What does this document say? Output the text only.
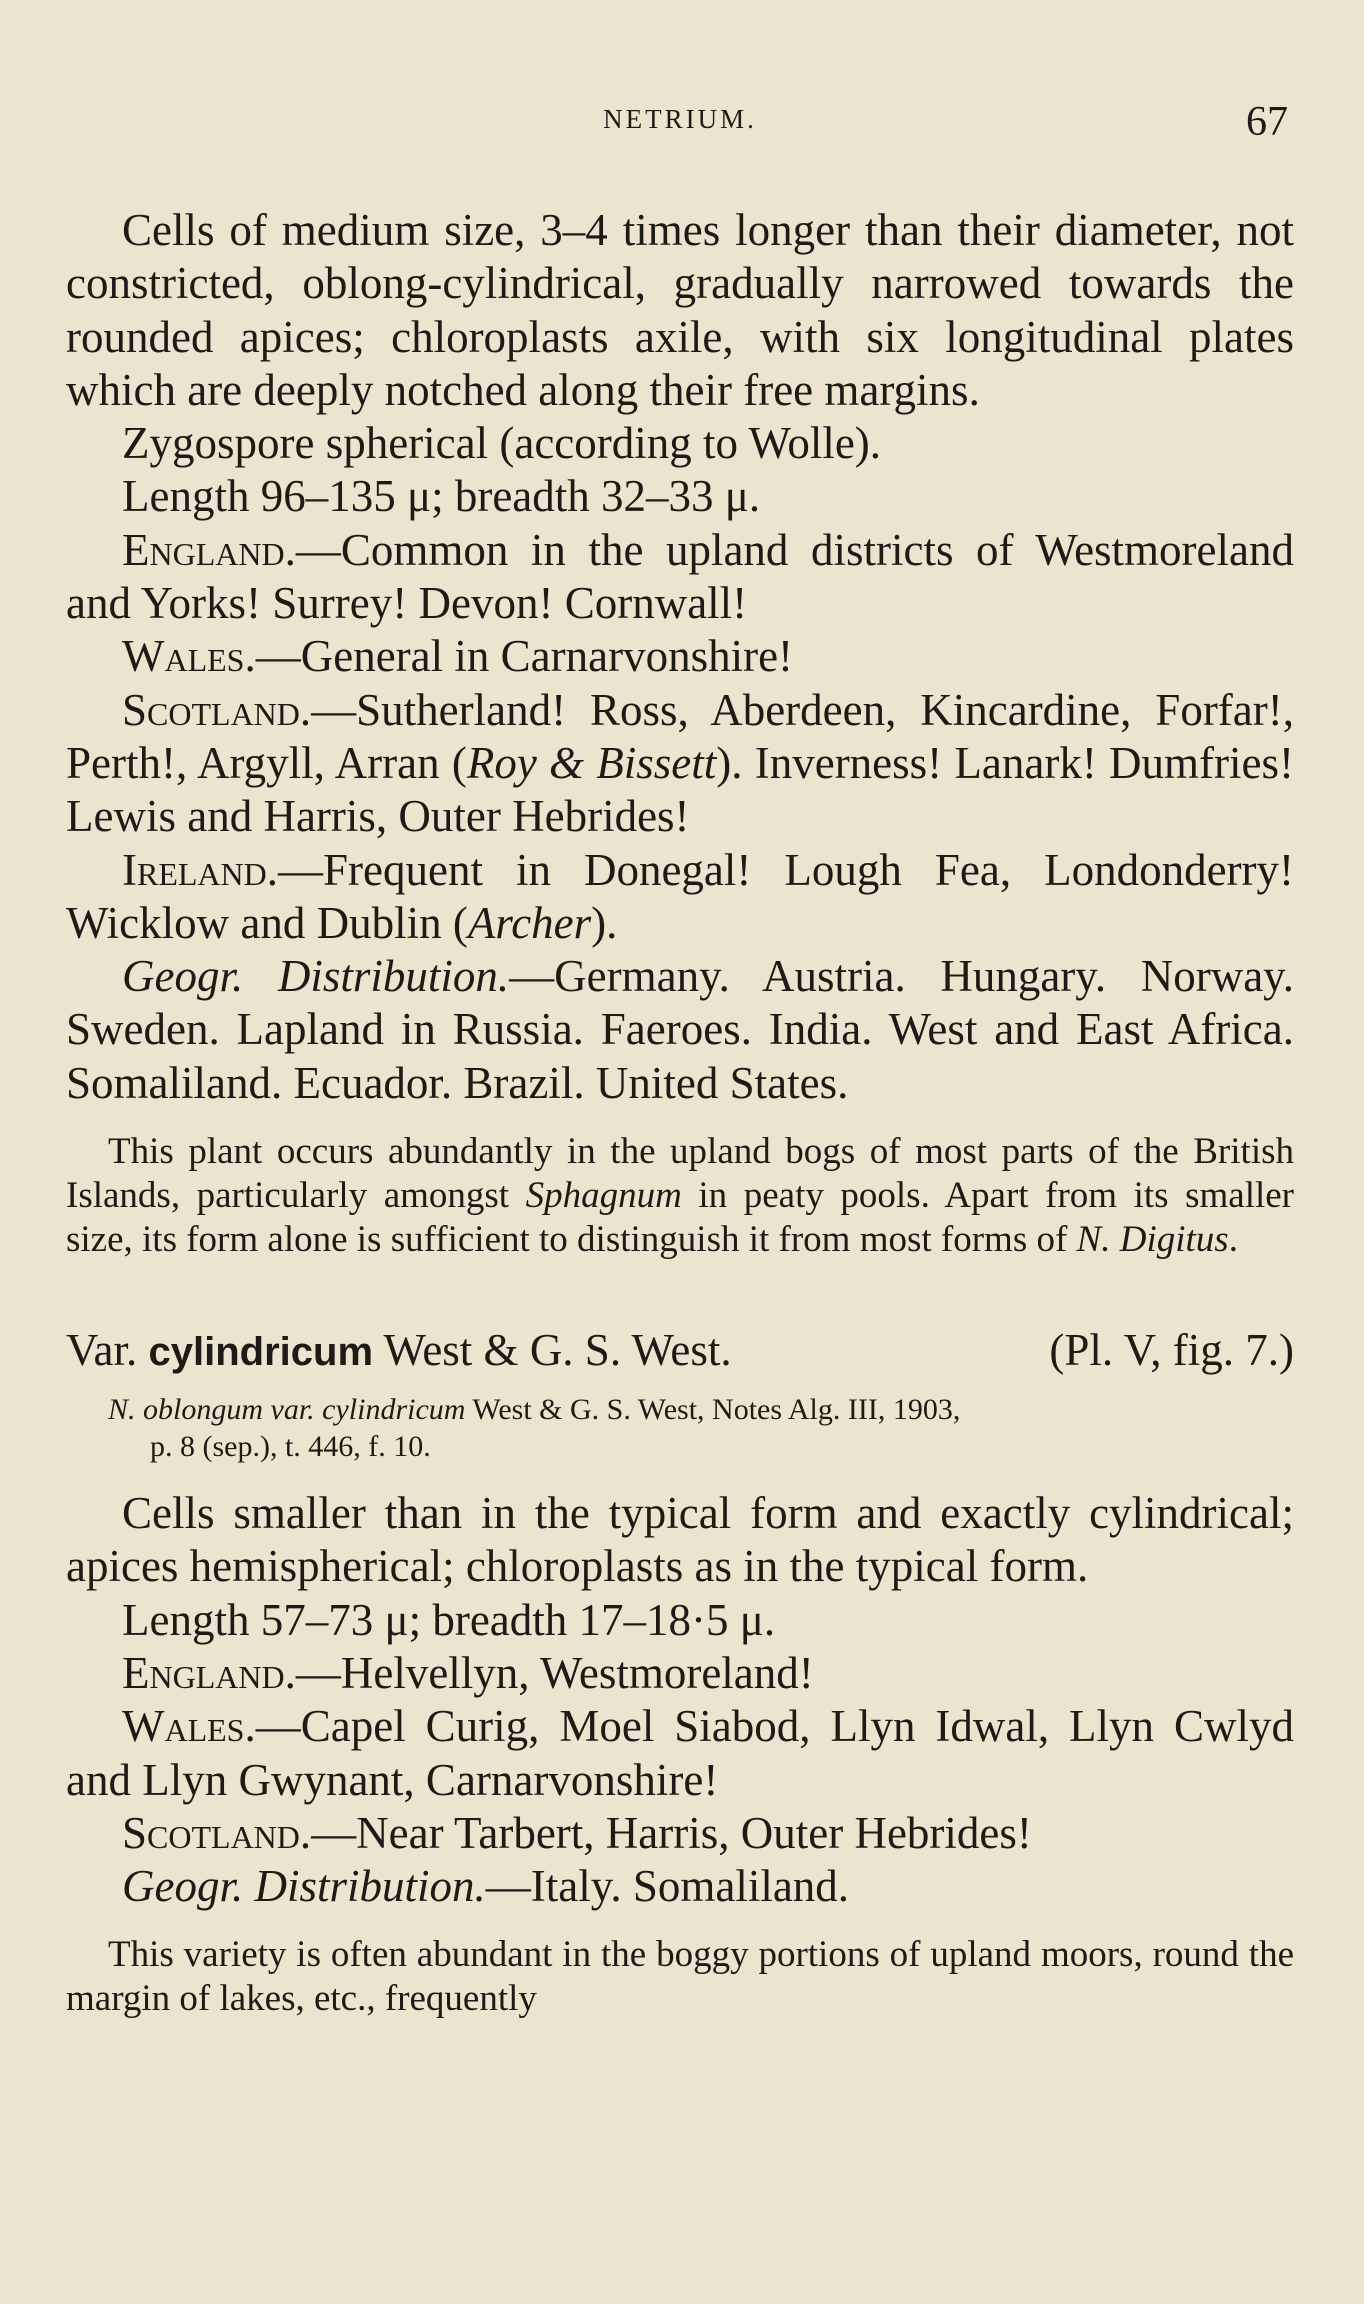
NETRIUM.	67

Cells of medium size, 3–4 times longer than their diameter, not constricted, oblong-cylindrical, gradually narrowed towards the rounded apices; chloroplasts axile, with six longitudinal plates which are deeply notched along their free margins.

Zygospore spherical (according to Wolle).

Length 96–135 μ; breadth 32–33 μ.

England.—Common in the upland districts of Westmoreland and Yorks! Surrey! Devon! Cornwall!

Wales.—General in Carnarvonshire!

Scotland.—Sutherland! Ross, Aberdeen, Kincardine, Forfar!, Perth!, Argyll, Arran (Roy & Bissett). Inverness! Lanark! Dumfries! Lewis and Harris, Outer Hebrides!

Ireland.—Frequent in Donegal! Lough Fea, Londonderry! Wicklow and Dublin (Archer).

Geogr. Distribution.—Germany. Austria. Hungary. Norway. Sweden. Lapland in Russia. Faeroes. India. West and East Africa. Somaliland. Ecuador. Brazil. United States.

This plant occurs abundantly in the upland bogs of most parts of the British Islands, particularly amongst Sphagnum in peaty pools. Apart from its smaller size, its form alone is sufficient to distinguish it from most forms of N. Digitus.

Var. cylindricum West & G. S. West.	(Pl. V, fig. 7.)
N. oblongum var. cylindricum West & G. S. West, Notes Alg. III, 1903,
p. 8 (sep.), t. 446, f. 10.

Cells smaller than in the typical form and exactly cylindrical; apices hemispherical; chloroplasts as in the typical form.

Length 57–73 μ; breadth 17–18·5 μ.

England.—Helvellyn, Westmoreland!

Wales.—Capel Curig, Moel Siabod, Llyn Idwal, Llyn Cwlyd and Llyn Gwynant, Carnarvonshire!

Scotland.—Near Tarbert, Harris, Outer Hebrides!

Geogr. Distribution.—Italy. Somaliland.

This variety is often abundant in the boggy portions of upland moors, round the margin of lakes, etc., frequently
